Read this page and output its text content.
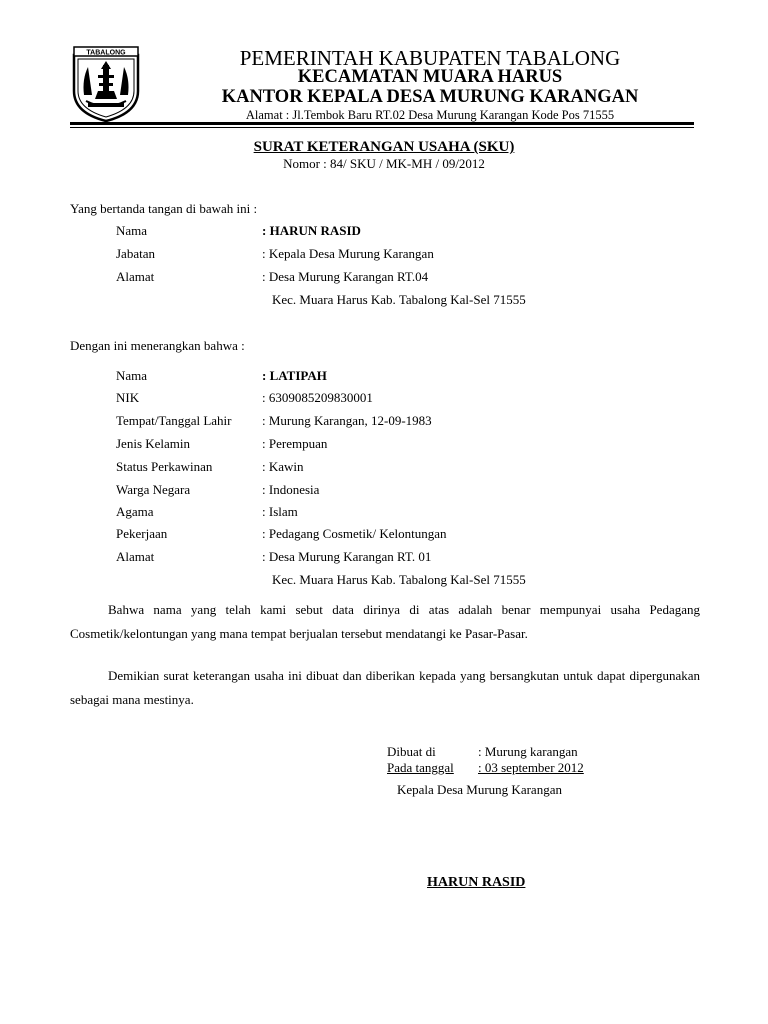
TABALONG	PEMERINTAH KABUPATEN TABALONG
KECAMATAN MUARA HARUS
KANTOR KEPALA DESA MURUNG KARANGAN
Alamat : Jl.Tembok Baru RT.02 Desa Murung Karangan Kode Pos 71555
SURAT KETERANGAN USAHA (SKU)
Nomor : 84/ SKU / MK-MH / 09/2012
Yang bertanda tangan di bawah ini :
Nama	: HARUN RASID
Jabatan	: Kepala Desa Murung Karangan
Alamat	: Desa Murung Karangan RT.04
Kec. Muara Harus Kab. Tabalong Kal-Sel 71555
Dengan ini menerangkan bahwa :
Nama	: LATIPAH
NIK	: 6309085209830001
Tempat/Tanggal Lahir : Murung Karangan, 12-09-1983
Jenis Kelamin	: Perempuan
Status Perkawinan	: Kawin
Warga Negara	: Indonesia
Agama	: Islam
Pekerjaan	: Pedagang Cosmetik/ Kelontungan
Alamat	: Desa Murung Karangan RT. 01
Kec. Muara Harus Kab. Tabalong Kal-Sel 71555
Bahwa nama yang telah kami sebut data dirinya di atas adalah benar mempunyai usaha Pedagang Cosmetik/kelontungan yang mana tempat berjualan tersebut mendatangi ke Pasar-Pasar.
Demikian surat keterangan usaha ini dibuat dan diberikan kepada yang bersangkutan untuk dapat dipergunakan sebagai mana mestinya.
Dibuat di	: Murung karangan
Pada tanggal	: 03 september 2012
Kepala Desa Murung Karangan
HARUN RASID
